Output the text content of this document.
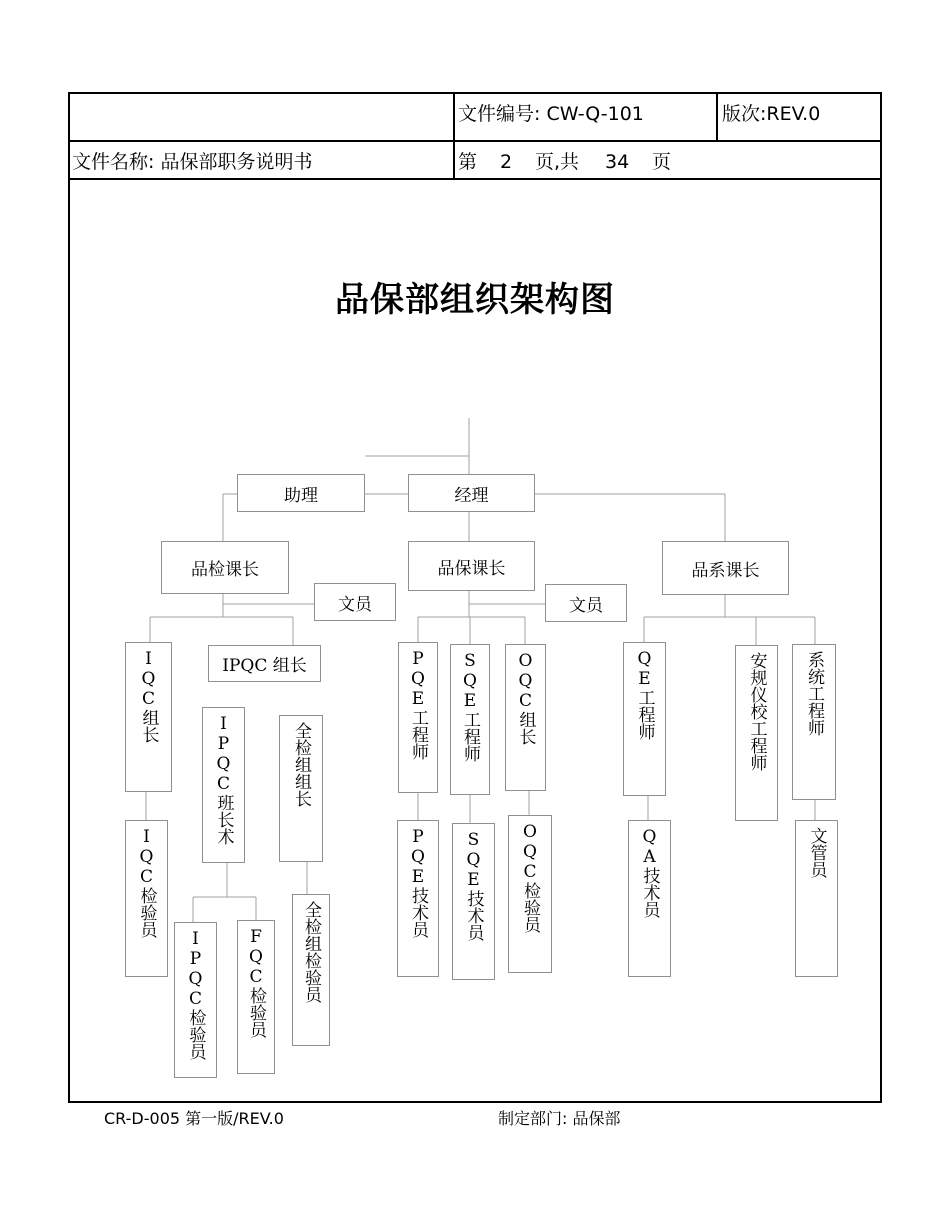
文件编号: CW-Q-101	版次:REV.0
文件名称: 品保部职务说明书	第 2 页,共 34 页
品保部组织架构图
助理	经理
品检课长	品保课长	品系课长
文员	文员
IPQC 组长
IQC组长
IPQC班长术	全检组组长
IQC检验员
IPQC检验员 FQC检验员 全检组检验员
PQE工程师 SQE工程师 OQC组长
PQE技术员 SQE技术员 OQC检验员
QE工程师
QA技术员
安规仪校工程师 系统工程师
文管员
CR-D-005 第一版/REV.0	制定部门: 品保部
